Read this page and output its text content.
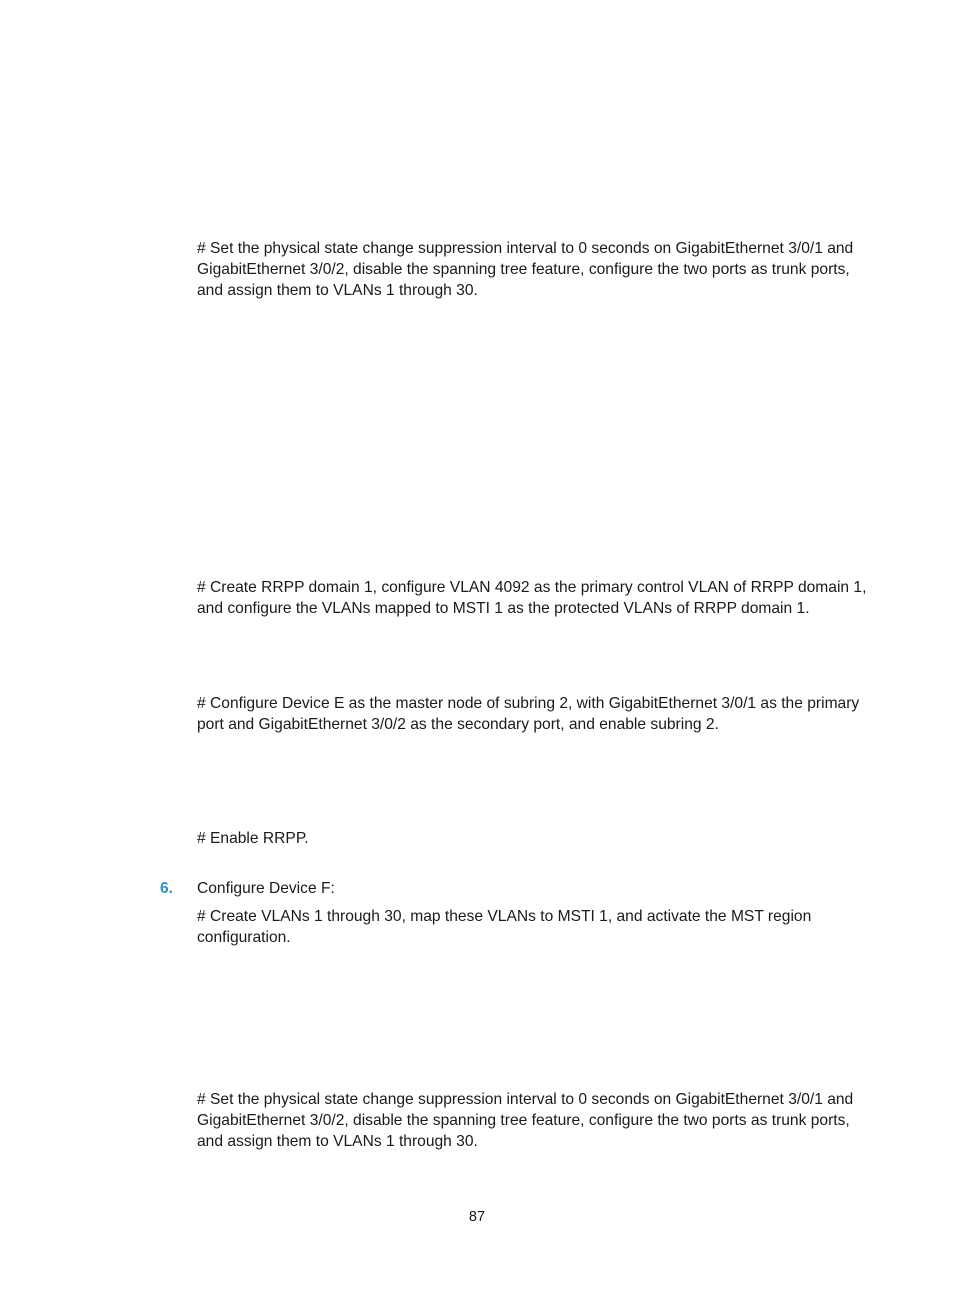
# Set the physical state change suppression interval to 0 seconds on GigabitEthernet 3/0/1 and
GigabitEthernet 3/0/2, disable the spanning tree feature, configure the two ports as trunk ports,
and assign them to VLANs 1 through 30.

# Create RRPP domain 1, configure VLAN 4092 as the primary control VLAN of RRPP domain 1,
and configure the VLANs mapped to MSTI 1 as the protected VLANs of RRPP domain 1.

# Configure Device E as the master node of subring 2, with GigabitEthernet 3/0/1 as the primary
port and GigabitEthernet 3/0/2 as the secondary port, and enable subring 2.

# Enable RRPP.

6. Configure Device F:

# Create VLANs 1 through 30, map these VLANs to MSTI 1, and activate the MST region
configuration.

# Set the physical state change suppression interval to 0 seconds on GigabitEthernet 3/0/1 and
GigabitEthernet 3/0/2, disable the spanning tree feature, configure the two ports as trunk ports,
and assign them to VLANs 1 through 30.

87
